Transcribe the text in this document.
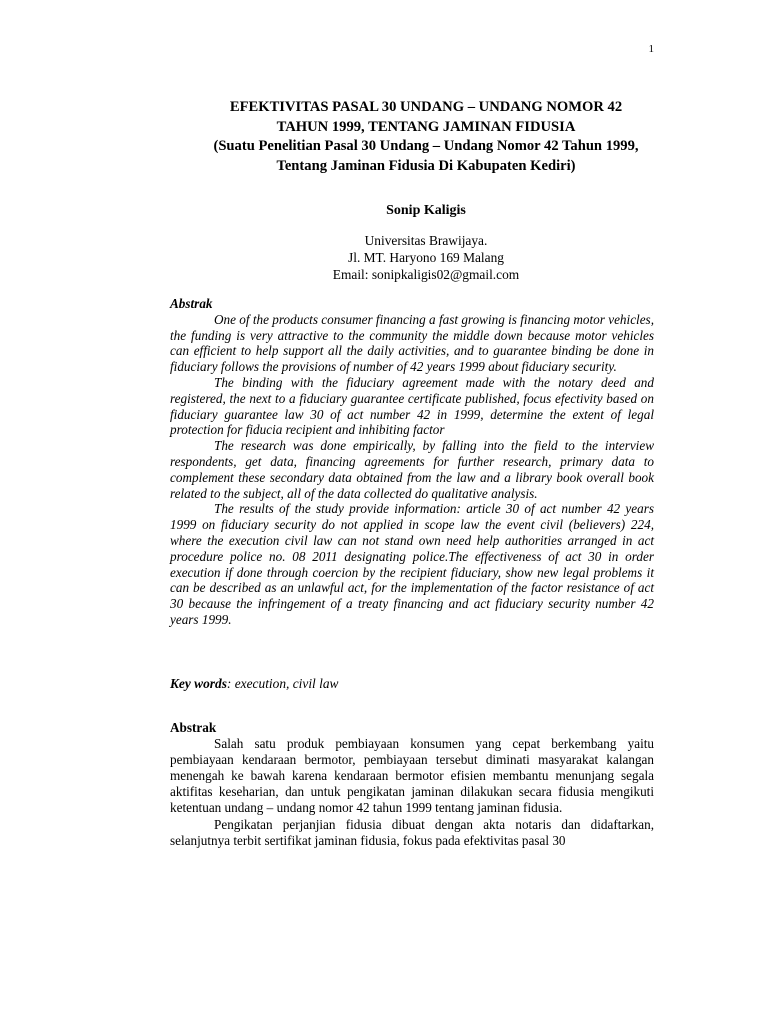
1
EFEKTIVITAS PASAL 30 UNDANG – UNDANG NOMOR 42
TAHUN 1999, TENTANG JAMINAN FIDUSIA
(Suatu Penelitian Pasal 30 Undang – Undang Nomor 42 Tahun 1999,
Tentang Jaminan Fidusia Di Kabupaten Kediri)
Sonip Kaligis
Universitas Brawijaya.
Jl. MT. Haryono 169 Malang
Email: sonipkaligis02@gmail.com
Abstrak

One of the products consumer financing a fast growing is financing motor vehicles, the funding is very attractive to the community the middle down because motor vehicles can efficient to help support all the daily activities, and to guarantee binding be done in fiduciary follows the provisions of number of 42 years 1999 about fiduciary security.

The binding with the fiduciary agreement made with the notary deed and registered, the next to a fiduciary guarantee certificate published, focus efectivity based on fiduciary guarantee law 30 of act number 42 in 1999, determine the extent of legal protection for fiducia recipient and inhibiting factor

The research was done empirically, by falling into the field to the interview respondents, get data, financing agreements for further research, primary data to complement these secondary data obtained from the law and a library book overall book related to the subject, all of the data collected do qualitative analysis.

The results of the study provide information: article 30 of act number 42 years 1999 on fiduciary security do not applied in scope law the event civil (believers) 224, where the execution civil law can not stand own need help authorities arranged in act procedure police no. 08 2011 designating police.The effectiveness of act 30 in order execution if done through coercion by the recipient fiduciary, show new legal problems it can be described as an unlawful act, for the implementation of the factor resistance of act 30 because the infringement of a treaty financing and act fiduciary security number 42 years 1999.

Key words: execution, civil law
Abstrak

Salah satu produk pembiayaan konsumen yang cepat berkembang yaitu pembiayaan kendaraan bermotor, pembiayaan tersebut diminati masyarakat kalangan menengah ke bawah karena kendaraan bermotor efisien membantu menunjang segala aktifitas keseharian, dan untuk pengikatan jaminan dilakukan secara fidusia mengikuti ketentuan undang – undang nomor 42 tahun 1999 tentang jaminan fidusia.

Pengikatan perjanjian fidusia dibuat dengan akta notaris dan didaftarkan, selanjutnya terbit sertifikat jaminan fidusia, fokus pada efektivitas pasal 30
